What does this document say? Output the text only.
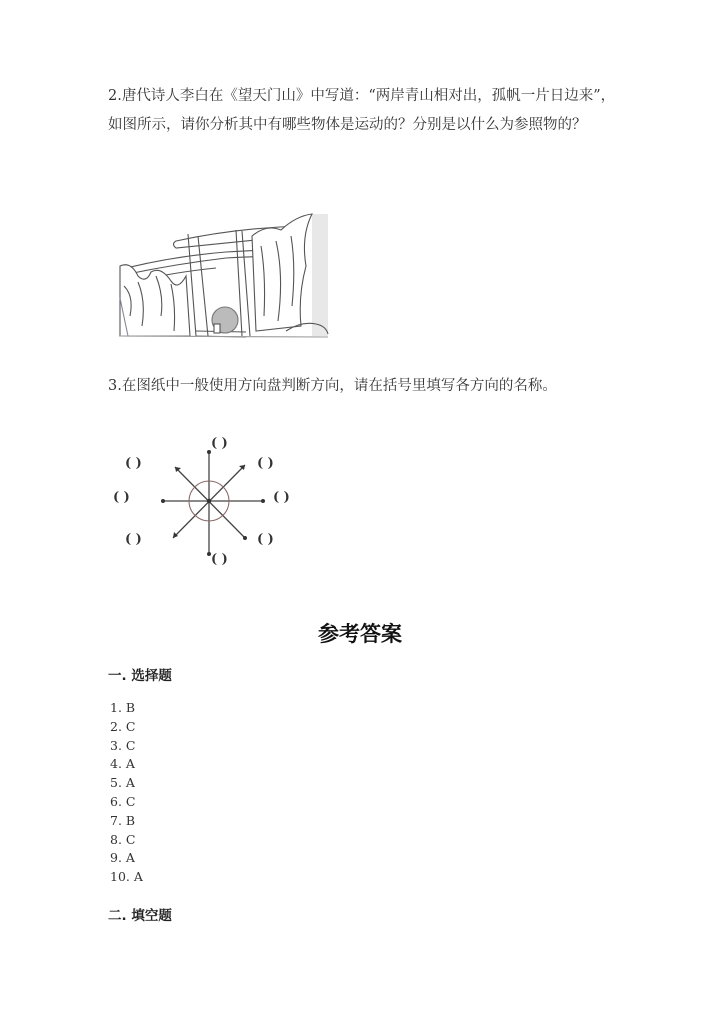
2.唐代诗人李白在《望天门山》中写道：“两岸青山相对出，孤帆一片日边来”，如图所示，请你分析其中有哪些物体是运动的？分别是以什么为参照物的？
3.在图纸中一般使用方向盘判断方向，请在括号里填写各方向的名称。
( )
( )	( )
( )	( )
( )	( )
( )
参考答案
一. 选择题
1. B
2. C
3. C
4. A
5. A
6. C
7. B
8. C
9. A
10. A
二. 填空题
